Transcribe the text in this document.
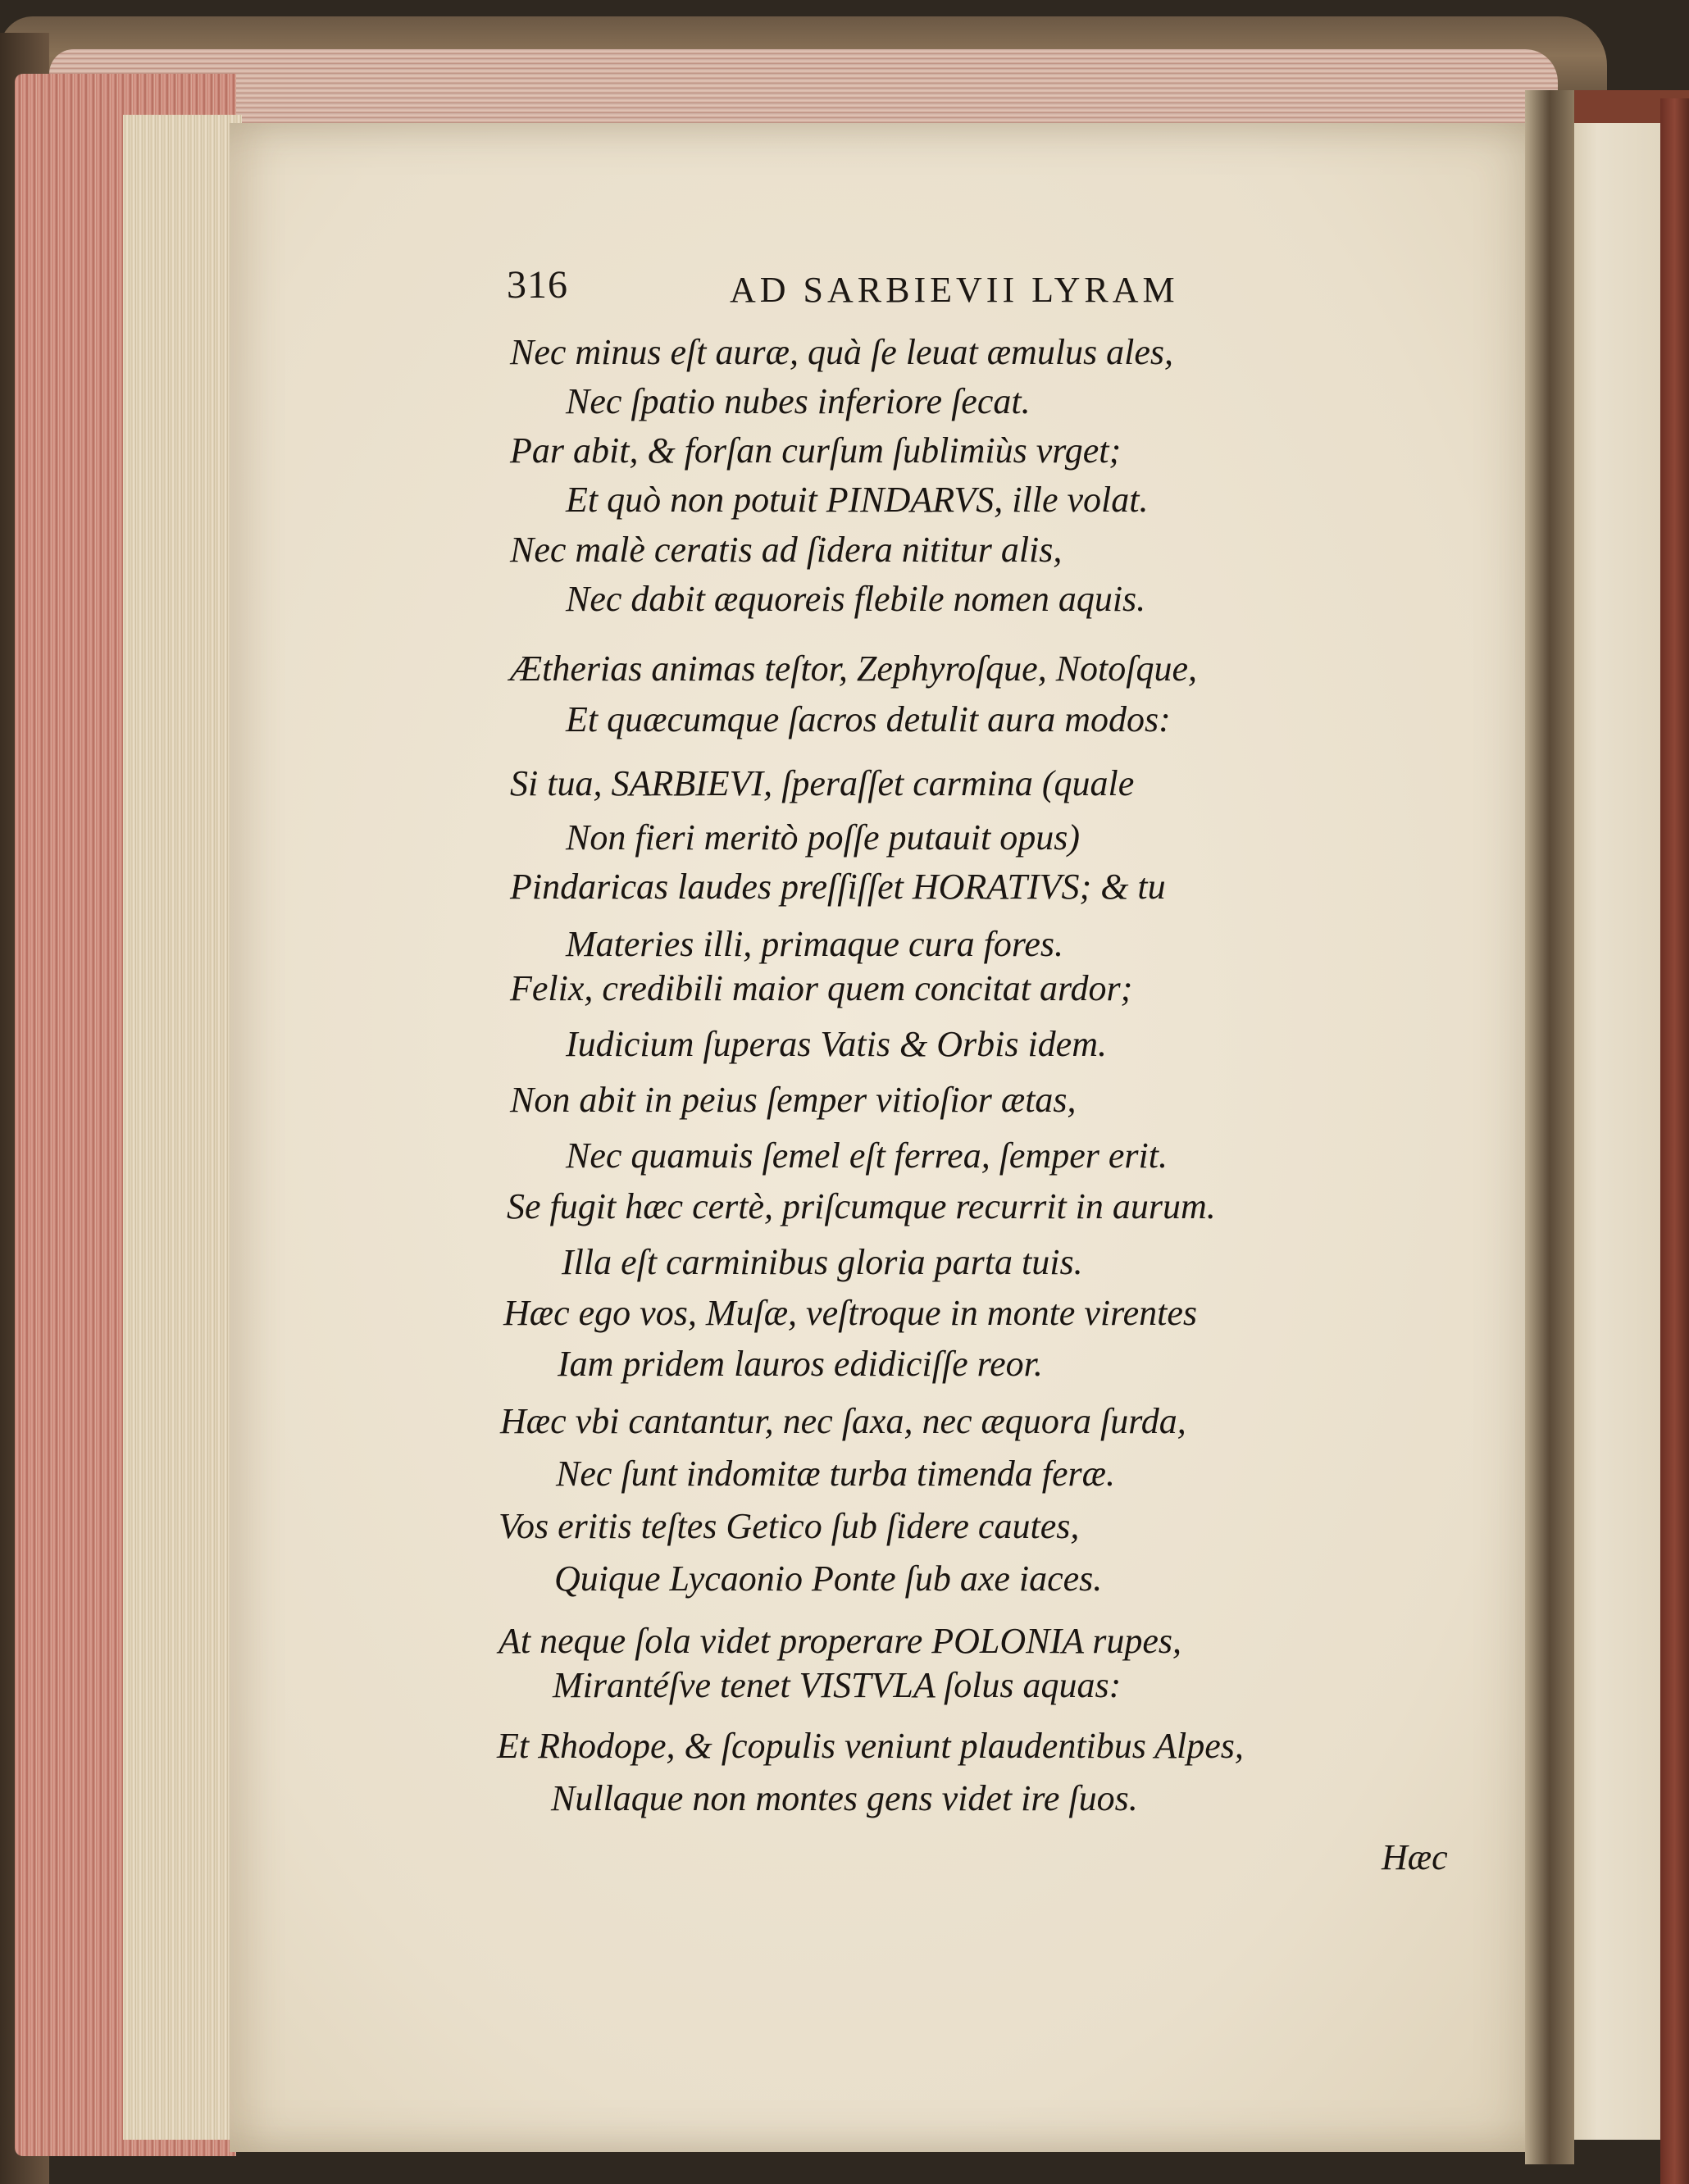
316	AD SARBIEVII LYRAM
Nec minus eſt auræ, quà ſe leuat æmulus ales,
Nec ſpatio nubes inferiore ſecat.
Par abit, & forſan curſum ſublimiùs vrget;
Et quò non potuit PINDARVS, ille volat.
Nec malè ceratis ad ſidera nititur alis,
Nec dabit æquoreis flebile nomen aquis.
Ætherias animas teſtor, Zephyroſque, Notoſque,
Et quæcumque ſacros detulit aura modos:
Si tua, SARBIEVI, ſperaſſet carmina (quale
Non fieri meritò poſſe putauit opus)
Pindaricas laudes preſſiſſet HORATIVS; & tu
Materies illi, primaque cura fores.
Felix, credibili maior quem concitat ardor;
Iudicium ſuperas Vatis & Orbis idem.
Non abit in peius ſemper vitioſior ætas,
Nec quamuis ſemel eſt ferrea, ſemper erit.
Se fugit hæc certè, priſcumque recurrit in aurum.
Illa eſt carminibus gloria parta tuis.
Hæc ego vos, Muſæ, veſtroque in monte virentes
Iam pridem lauros edidiciſſe reor.
Hæc vbi cantantur, nec ſaxa, nec æquora ſurda,
Nec ſunt indomitæ turba timenda feræ.
Vos eritis teſtes Getico ſub ſidere cautes,
Quique Lycaonio Ponte ſub axe iaces.
At neque ſola videt properare POLONIA rupes,
Mirantéſve tenet VISTVLA ſolus aquas:
Et Rhodope, & ſcopulis veniunt plaudentibus Alpes,
Nullaque non montes gens videt ire ſuos.
Hæc
